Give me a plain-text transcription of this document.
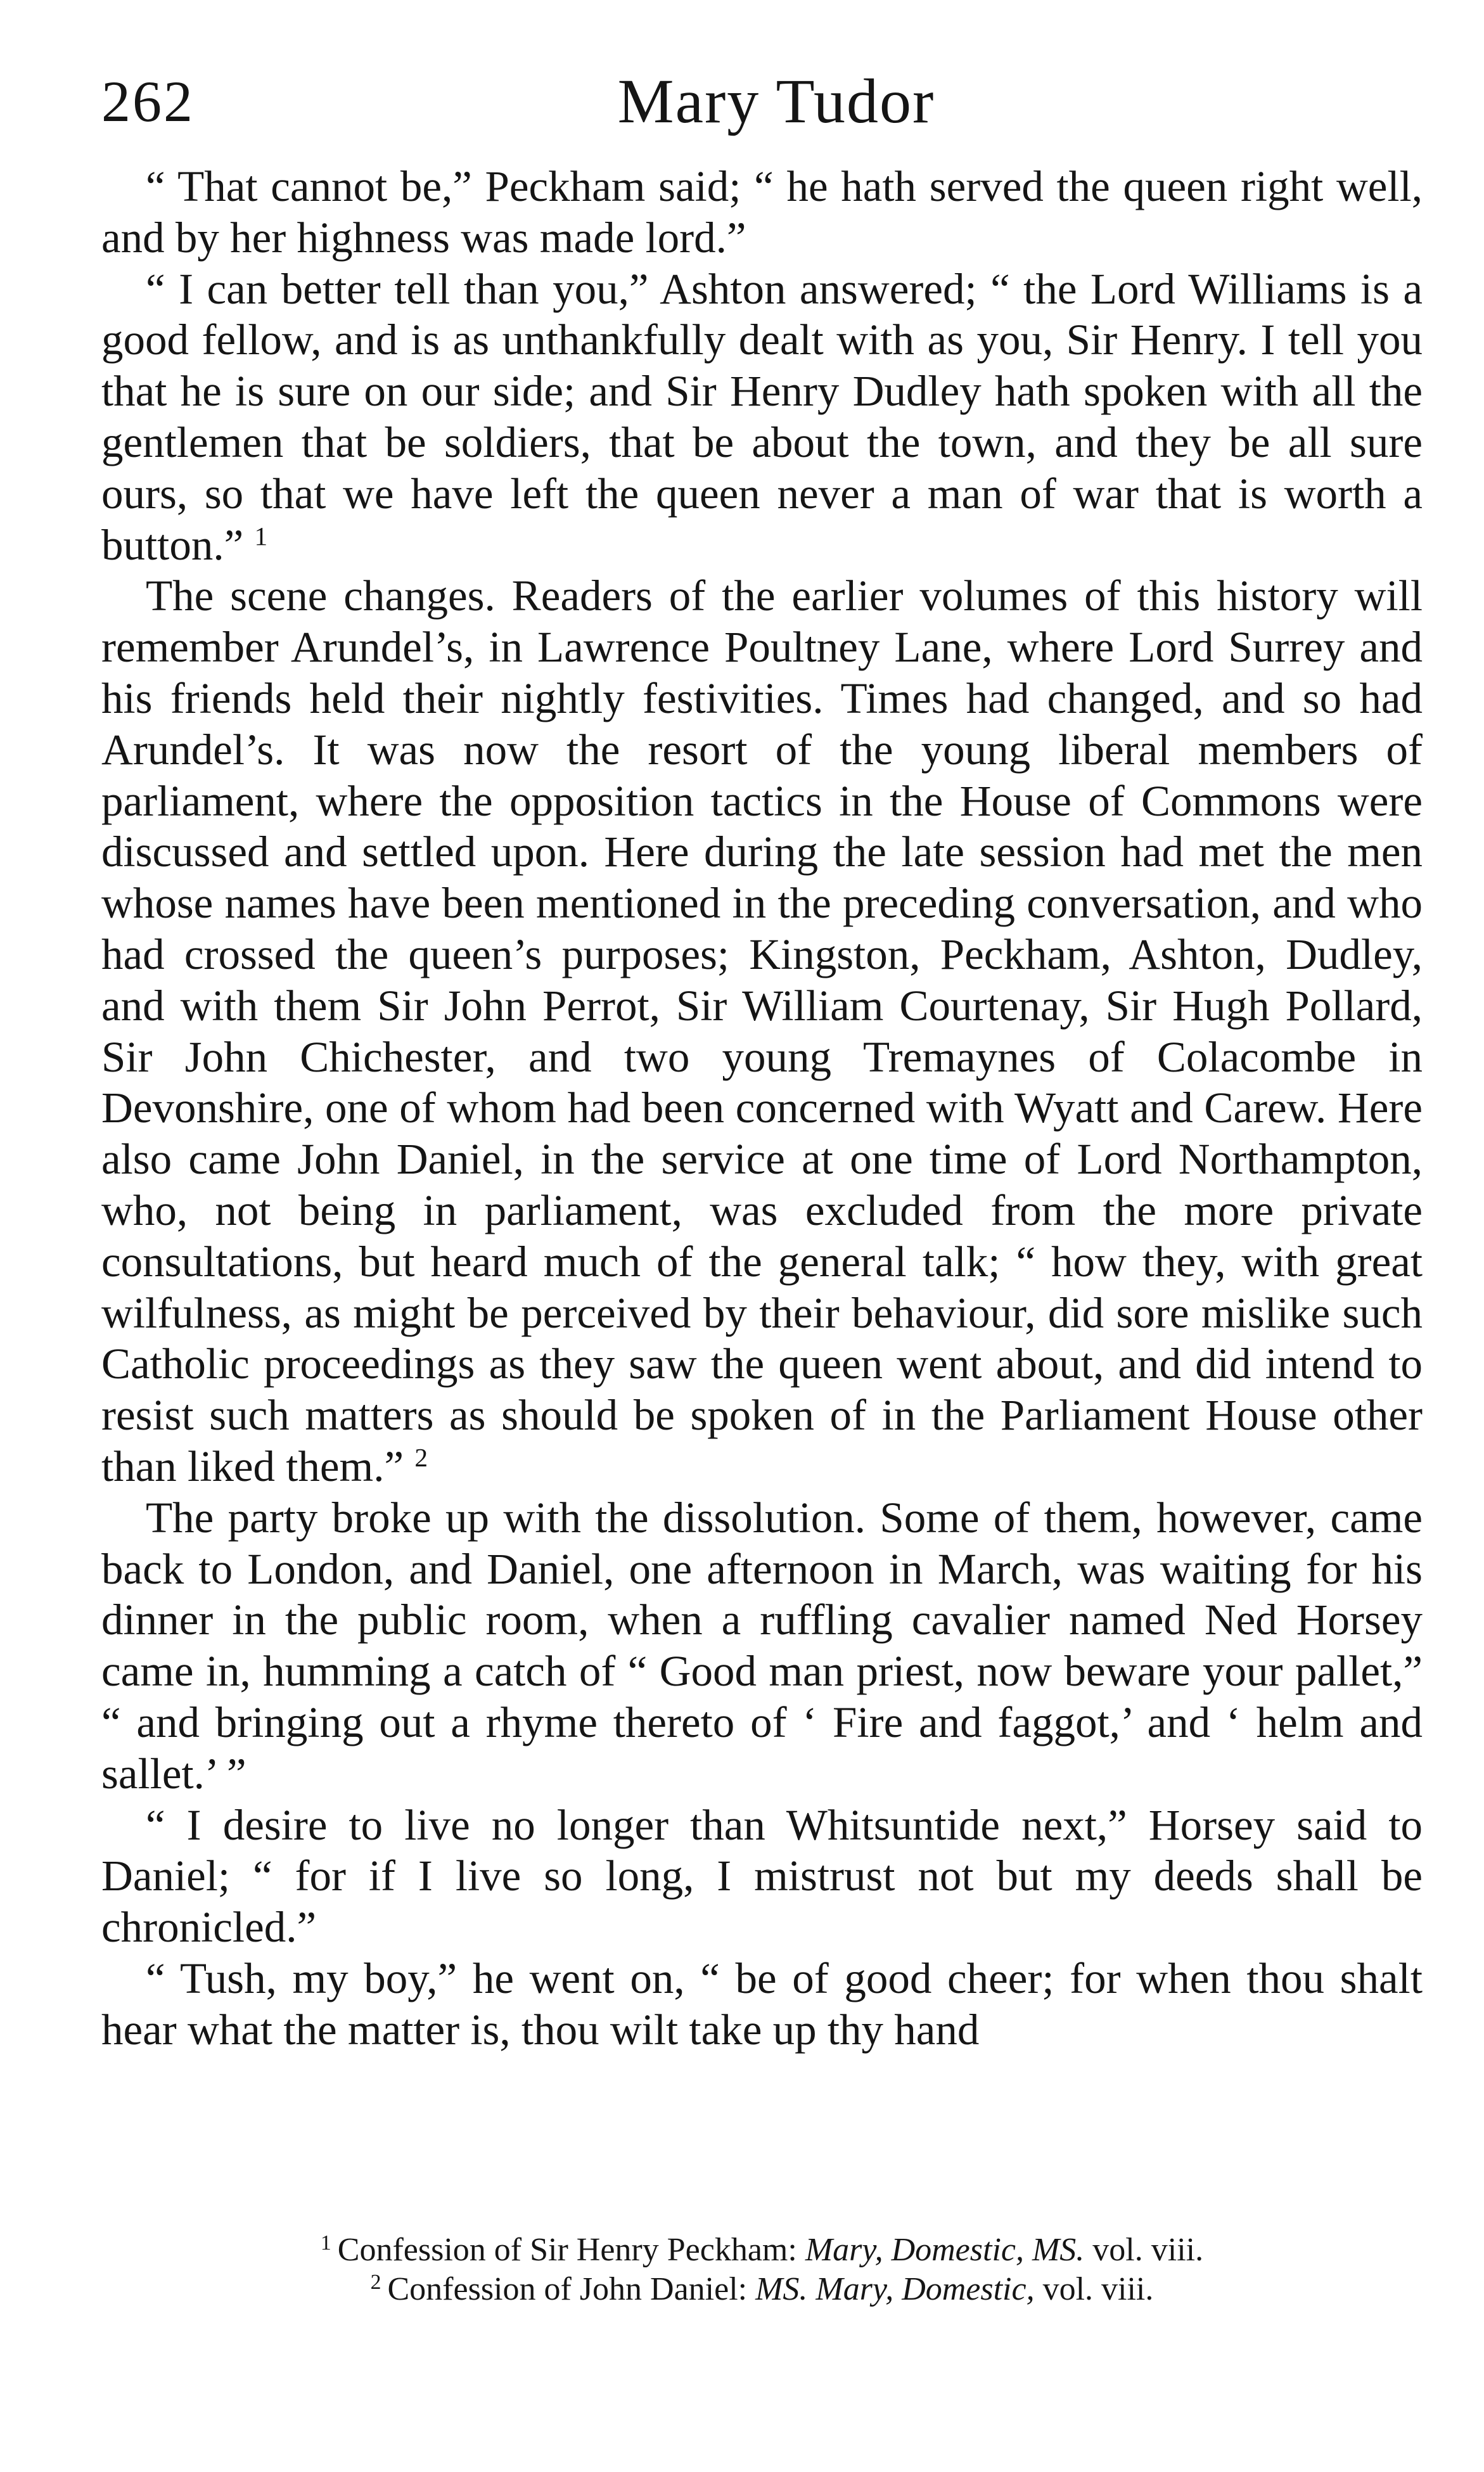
262	Mary Tudor

“ That cannot be,” Peckham said; “ he hath served the queen right well, and by her highness was made lord.”

“ I can better tell than you,” Ashton answered; “ the Lord Williams is a good fellow, and is as unthankfully dealt with as you, Sir Henry. I tell you that he is sure on our side; and Sir Henry Dudley hath spoken with all the gentlemen that be soldiers, that be about the town, and they be all sure ours, so that we have left the queen never a man of war that is worth a button.” $^1$

The scene changes. Readers of the earlier volumes of this history will remember Arundel’s, in Lawrence Poultney Lane, where Lord Surrey and his friends held their nightly festivities. Times had changed, and so had Arundel’s. It was now the resort of the young liberal members of parliament, where the opposition tactics in the House of Commons were discussed and settled upon. Here during the late session had met the men whose names have been mentioned in the preceding conversation, and who had crossed the queen’s purposes; Kingston, Peckham, Ashton, Dudley, and with them Sir John Perrot, Sir William Courtenay, Sir Hugh Pollard, Sir John Chichester, and two young Tremaynes of Colacombe in Devonshire, one of whom had been concerned with Wyatt and Carew. Here also came John Daniel, in the service at one time of Lord Northampton, who, not being in parliament, was excluded from the more private consultations, but heard much of the general talk; “ how they, with great wilfulness, as might be perceived by their behaviour, did sore mislike such Catholic proceedings as they saw the queen went about, and did intend to resist such matters as should be spoken of in the Parliament House other than liked them.” $^2$

The party broke up with the dissolution. Some of them, however, came back to London, and Daniel, one afternoon in March, was waiting for his dinner in the public room, when a ruffling cavalier named Ned Horsey came in, humming a catch of “ Good man priest, now beware your pallet,” “ and bringing out a rhyme thereto of ‘ Fire and faggot,’ and ‘ helm and sallet.’ ”

“ I desire to live no longer than Whitsuntide next,” Horsey said to Daniel; “ for if I live so long, I mistrust not but my deeds shall be chronicled.”

“ Tush, my boy,” he went on, “ be of good cheer; for when thou shalt hear what the matter is, thou wilt take up thy hand

$^1$ Confession of Sir Henry Peckham: Mary, Domestic, MS. vol. viii.

$^2$ Confession of John Daniel: MS. Mary, Domestic, vol. viii.
